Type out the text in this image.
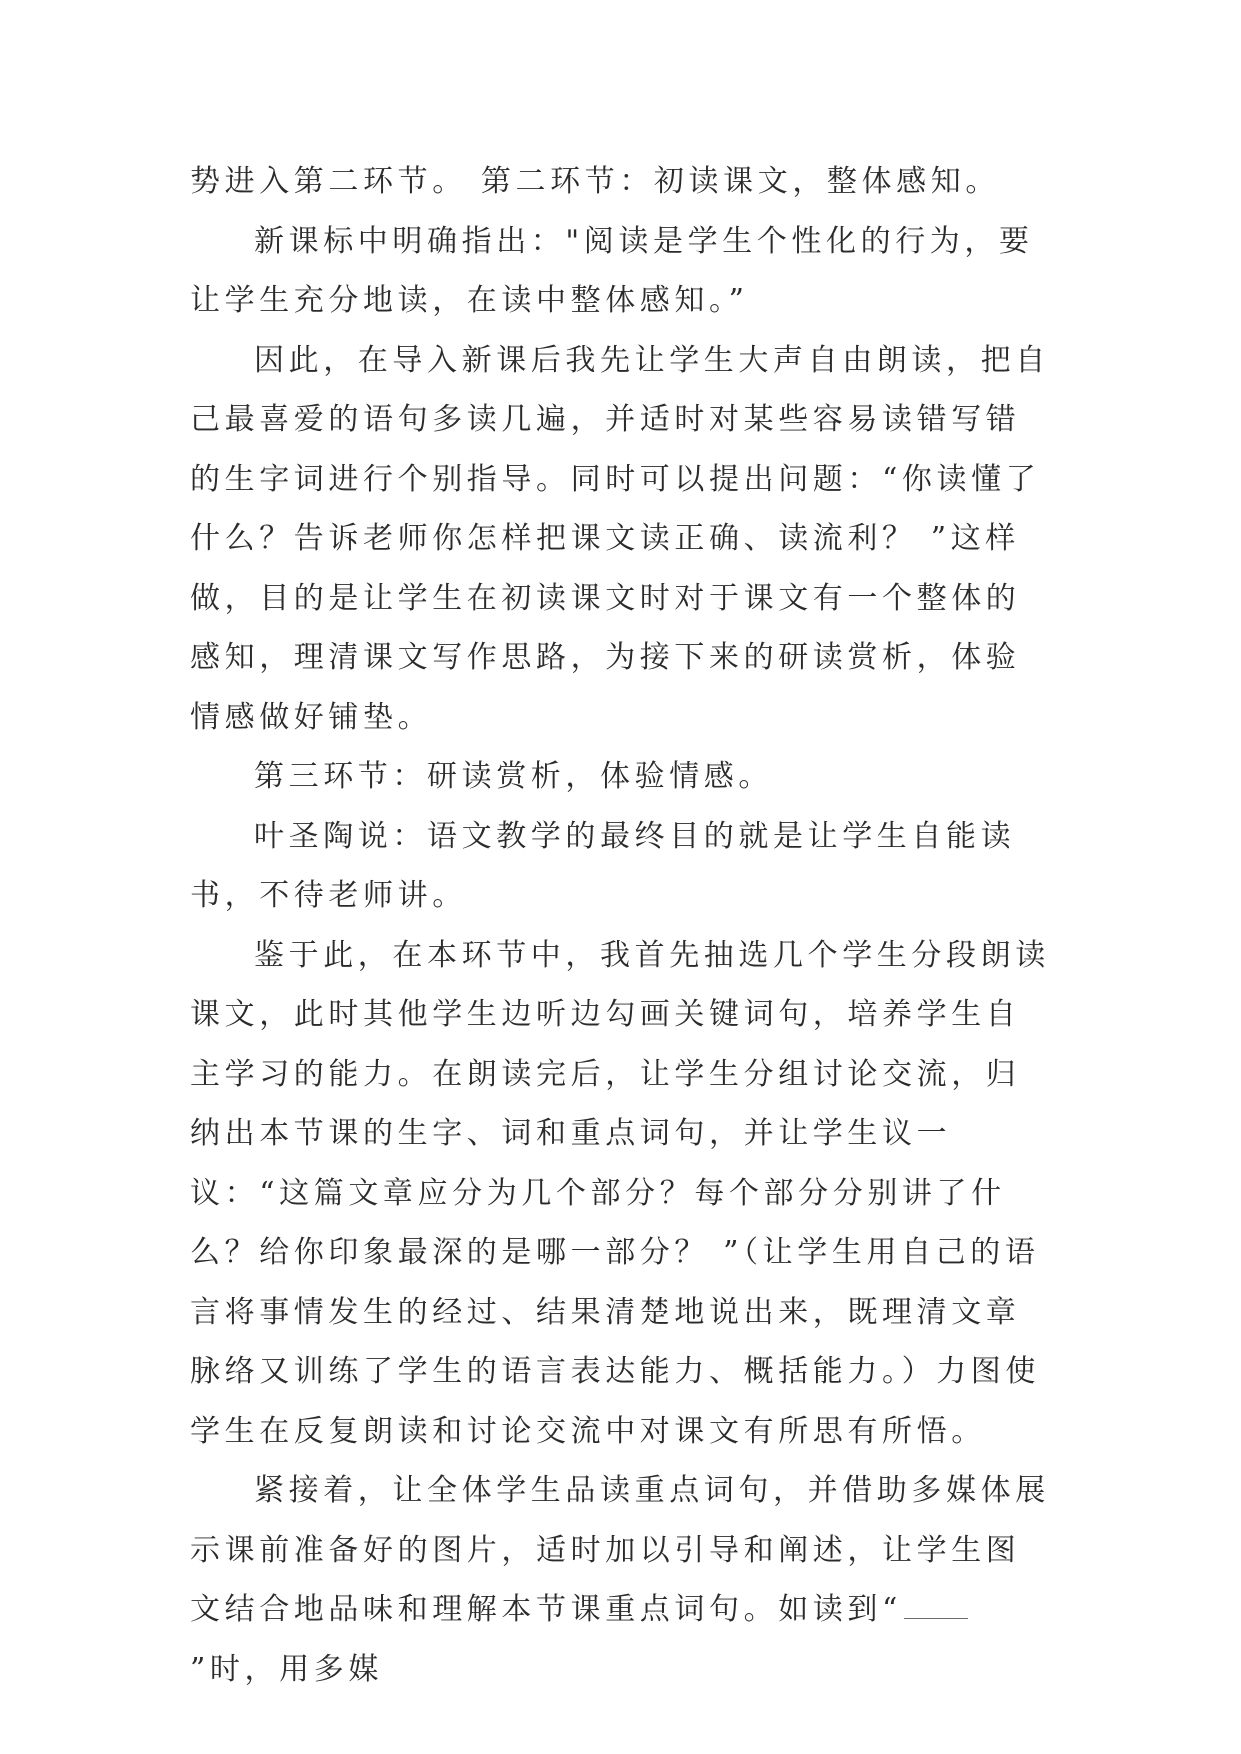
势进入第二环节。 第二环节：初读课文，整体感知。

新课标中明确指出："阅读是学生个性化的行为，要让学生充分地读，在读中整体感知。”

因此，在导入新课后我先让学生大声自由朗读，把自己最喜爱的语句多读几遍，并适时对某些容易读错写错的生字词进行个别指导。同时可以提出问题：“你读懂了什么？告诉老师你怎样把课文读正确、读流利？ ”这样做，目的是让学生在初读课文时对于课文有一个整体的感知，理清课文写作思路，为接下来的研读赏析，体验情感做好铺垫。

第三环节：研读赏析，体验情感。

叶圣陶说：语文教学的最终目的就是让学生自能读书，不待老师讲。

鉴于此，在本环节中，我首先抽选几个学生分段朗读课文，此时其他学生边听边勾画关键词句，培养学生自主学习的能力。在朗读完后，让学生分组讨论交流，归纳出本节课的生字、词和重点词句，并让学生议一议：“这篇文章应分为几个部分？每个部分分别讲了什么？给你印象最深的是哪一部分？ ”（让学生用自己的语言将事情发生的经过、结果清楚地说出来，既理清文章脉络又训练了学生的语言表达能力、概括能力。）力图使学生在反复朗读和讨论交流中对课文有所思有所悟。

紧接着，让全体学生品读重点词句，并借助多媒体展示课前准备好的图片，适时加以引导和阐述，让学生图文结合地品味和理解本节课重点词句。如读到“”时，用多媒
